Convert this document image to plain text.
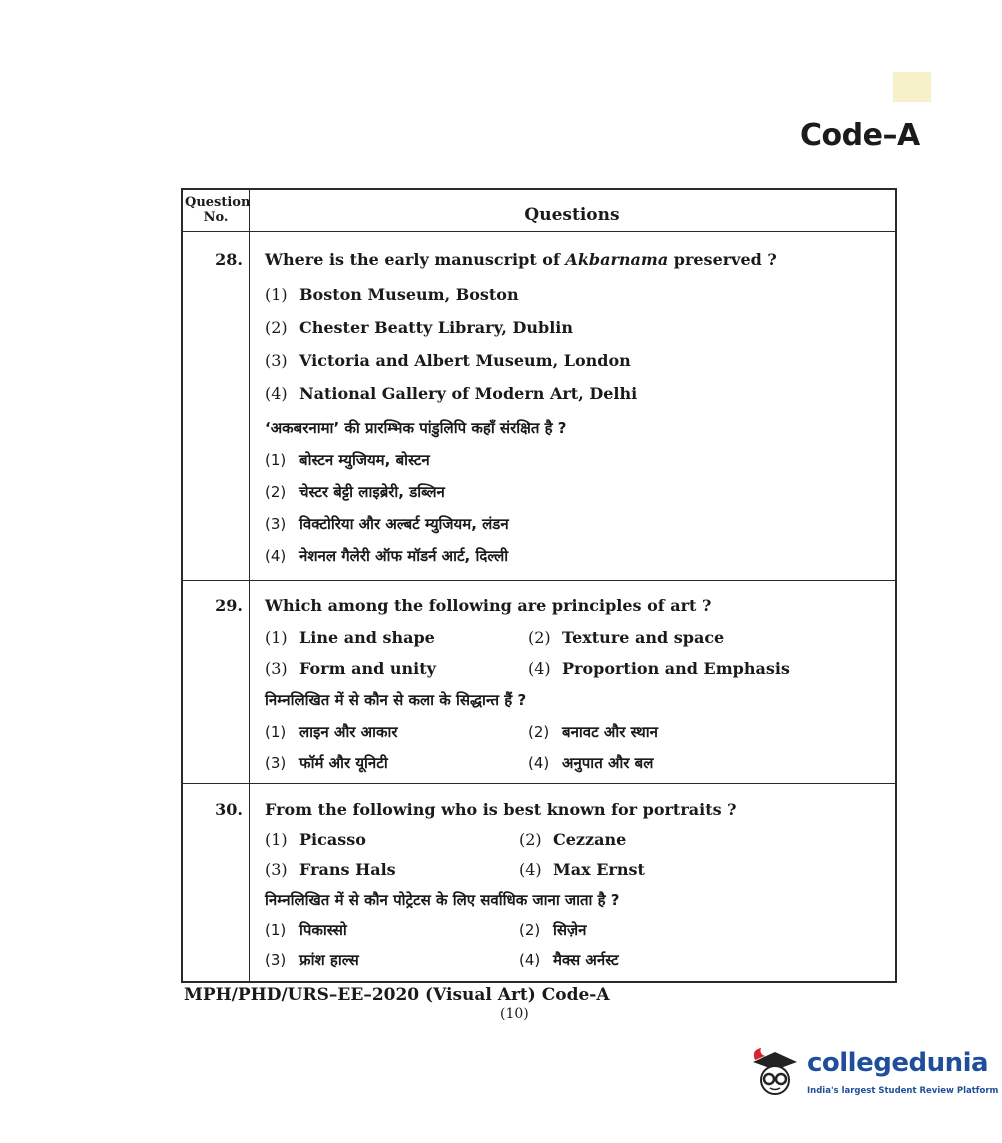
Code–A
Question No.	Questions
28. Where is the early manuscript of Akbarnama preserved ?
(1) Boston Museum, Boston
(2) Chester Beatty Library, Dublin
(3) Victoria and Albert Museum, London
(4) National Gallery of Modern Art, Delhi
‘अकबरनामा’ की प्रारम्भिक पांडुलिपि कहाँ संरक्षित है ?
(1) बोस्टन म्युजियम, बोस्टन
(2) चेस्टर बेट्टी लाइब्रेरी, डब्लिन
(3) विक्टोरिया और अल्बर्ट म्युजियम, लंडन
(4) नेशनल गैलेरी ऑफ मॉडर्न आर्ट, दिल्ली
29. Which among the following are principles of art ?
(1) Line and shape	(2) Texture and space
(3) Form and unity	(4) Proportion and Emphasis
निम्नलिखित में से कौन से कला के सिद्धान्त हैं ?
(1) लाइन और आकार	(2) बनावट और स्थान
(3) फॉर्म और यूनिटी	(4) अनुपात और बल
30. From the following who is best known for portraits ?
(1) Picasso	(2) Cezzane
(3) Frans Hals	(4) Max Ernst
निम्नलिखित में से कौन पोट्रेटस के लिए सर्वाधिक जाना जाता है ?
(1) पिकास्सो	(2) सिज़ेन
(3) फ्रांश हाल्स	(4) मैक्स अर्नस्ट
MPH/PHD/URS–EE–2020 (Visual Art) Code-A
(10)
collegedunia
India's largest Student Review Platform
